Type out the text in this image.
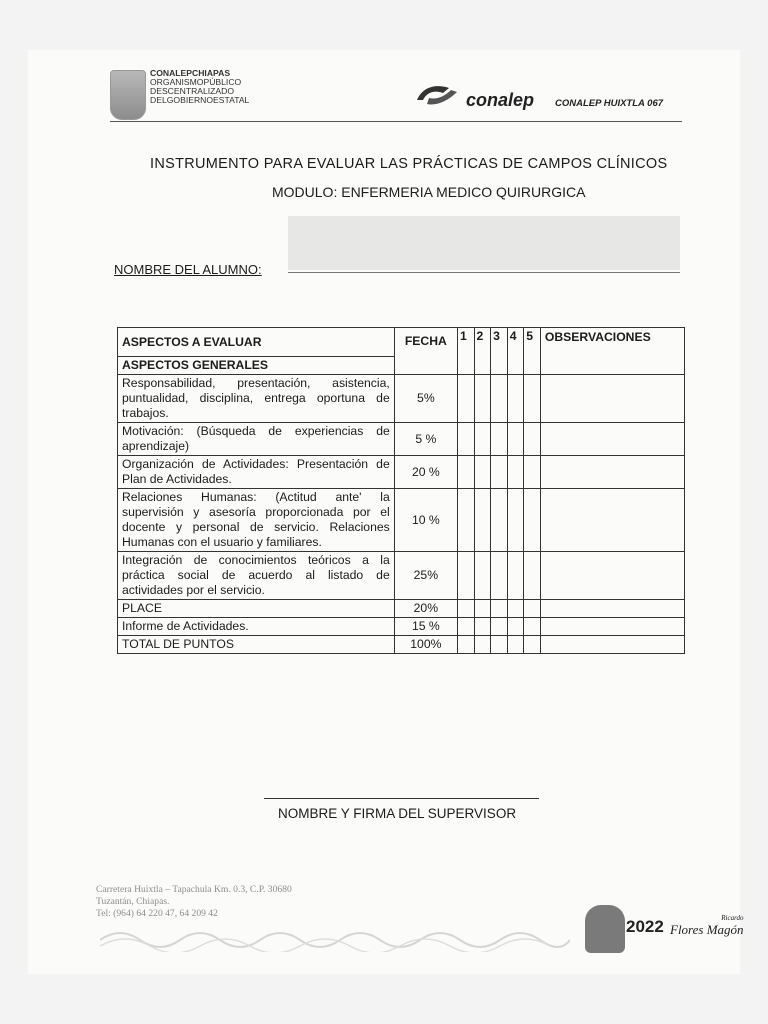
CONALEPCHIAPAS
ORGANISMOPÚBLICO
DESCENTRALIZADO
DELGOBIERNOESTATAL	conalep CONALEP HUIXTLA 067
INSTRUMENTO PARA EVALUAR LAS PRÁCTICAS DE CAMPOS CLÍNICOS
MODULO: ENFERMERIA MEDICO QUIRURGICA
NOMBRE DEL ALUMNO:
ASPECTOS A EVALUAR	FECHA	1	2	3	4	5	OBSERVACIONES
ASPECTOS GENERALES							
Responsabilidad, presentación, asistencia, puntualidad, disciplina, entrega oportuna de trabajos.	5%						
Motivación: (Búsqueda de experiencias de aprendizaje)	5 %						
Organización de Actividades: Presentación de Plan de Actividades.	20 %						
Relaciones Humanas: (Actitud ante' la supervisión y asesoría proporcionada por el docente y personal de servicio. Relaciones Humanas con el usuario y familiares.	10 %						
Integración de conocimientos teóricos a la práctica social de acuerdo al listado de actividades por el servicio.	25%						
PLACE	20%						
Informe de Actividades.	15 %						
TOTAL DE PUNTOS	100%						
NOMBRE Y FIRMA DEL SUPERVISOR
Carretera Huixtla – Tapachula Km. 0.3, C.P. 30680
Tuzantán, Chiapas.
Tel: (964) 64 220 47, 64 209 42
2022	Ricardo
Flores Magón
